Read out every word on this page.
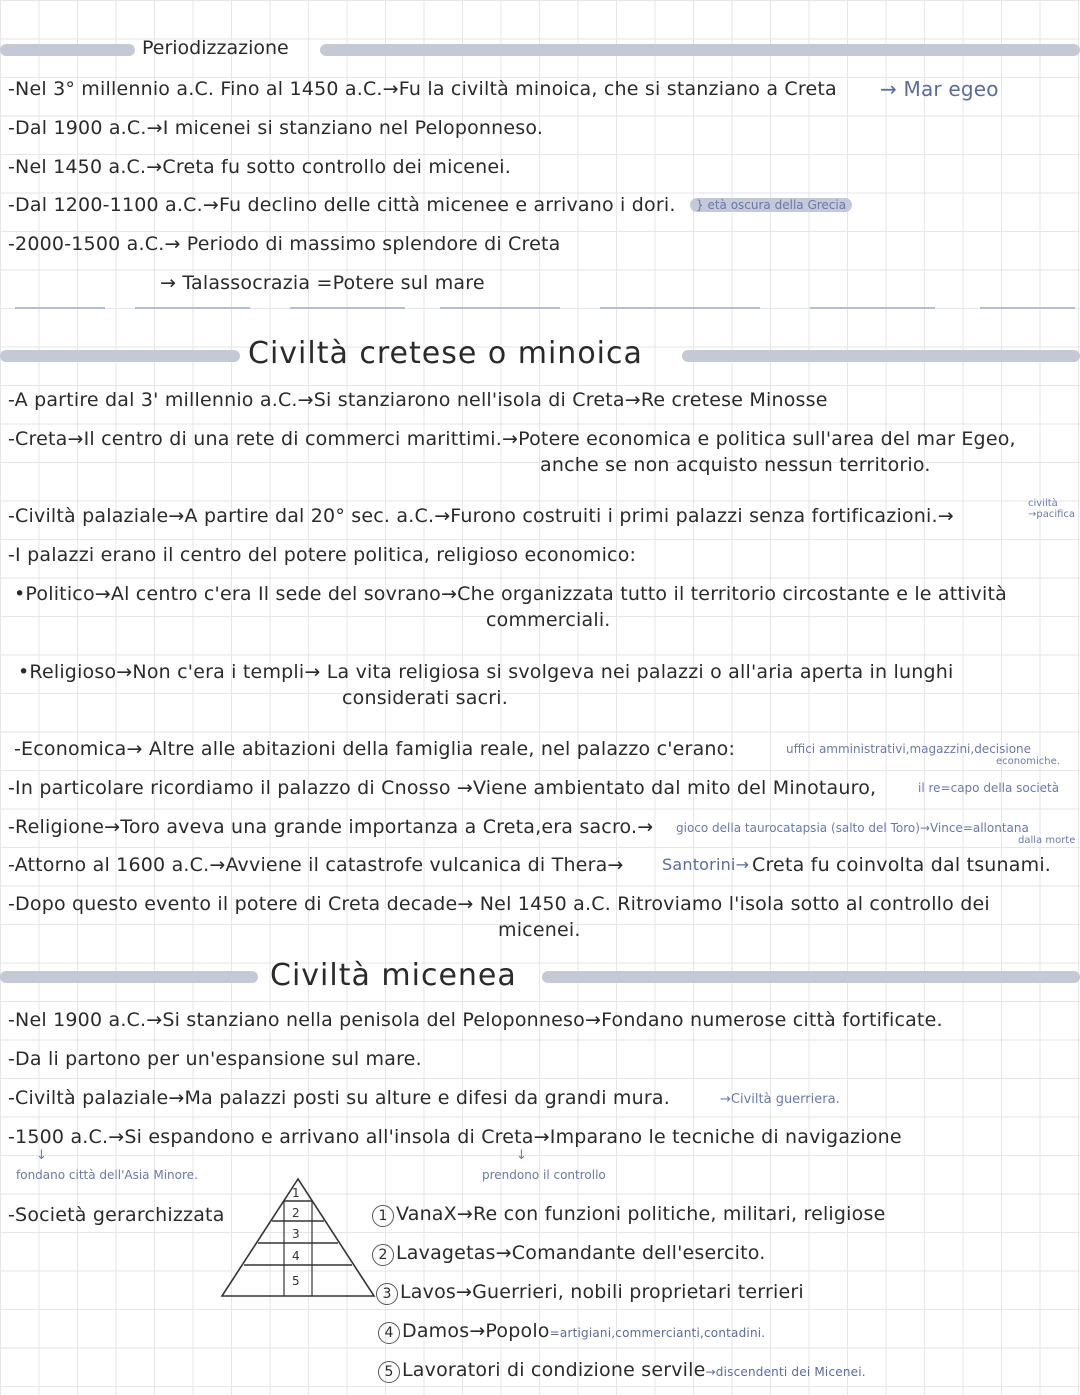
Periodizzazione
-Nel 3° millennio a.C. Fino al 1450 a.C.→Fu la civiltà minoica, che si stanziano a Creta → Mar egeo
-Dal 1900 a.C.→I micenei si stanziano nel Peloponneso.
-Nel 1450 a.C.→Creta fu sotto controllo dei micenei.
-Dal 1200-1100 a.C.→Fu declino delle città micenee e arrivano i dori.	} età oscura della Grecia
-2000-1500 a.C.→ Periodo di massimo splendore di Creta
→ Talassocrazia =Potere sul mare
Civiltà cretese o minoica
-A partire dal 3' millennio a.C.→Si stanziarono nell'isola di Creta→Re cretese Minosse
-Creta→Il centro di una rete di commerci marittimi.→Potere economica e politica sull'area del mar Egeo,
anche se non acquisto nessun territorio.
-Civiltà palaziale→A partire dal 20° sec. a.C.→Furono costruiti i primi palazzi senza fortificazioni.→
civiltà →pacifica
-I palazzi erano il centro del potere politica, religioso economico:
•Politico→Al centro c'era Il sede del sovrano→Che organizzata tutto il territorio circostante e le attività
commerciali.
•Religioso→Non c'era i templi→ La vita religiosa si svolgeva nei palazzi o all'aria aperta in lunghi
considerati sacri.
-Economica→ Altre alle abitazioni della famiglia reale, nel palazzo c'erano:	uffici amministrativi,magazzini,decisione
economiche.
-In particolare ricordiamo il palazzo di Cnosso →Viene ambientato dal mito del Minotauro,	il re=capo della società
-Religione→Toro aveva una grande importanza a Creta,era sacro.→ gioco della taurocatapsia (salto del Toro)→Vince=allontana
dalla morte
-Attorno al 1600 a.C.→Avviene il catastrofe vulcanica di Thera→ Santorini→ Creta fu coinvolta dal tsunami.
-Dopo questo evento il potere di Creta decade→ Nel 1450 a.C. Ritroviamo l'isola sotto al controllo dei
micenei.
Civiltà micenea
-Nel 1900 a.C.→Si stanziano nella penisola del Peloponneso→Fondano numerose città fortificate.
-Da li partono per un'espansione sul mare.
-Civiltà palaziale→Ma palazzi posti su alture e difesi da grandi mura.	→Civiltà guerriera.
-1500 a.C.→Si espandono e arrivano all'insola di Creta→Imparano le tecniche di navigazione
↓
fondano città dell'Asia Minore.
↓
prendono il controllo
-Società gerarchizzata
1
2
3
4
5
1 VanaX→Re con funzioni politiche, militari, religiose
2 Lavagetas→Comandante dell'esercito.
3 Lavos→Guerrieri, nobili proprietari terrieri
4 Damos→Popolo=artigiani,commercianti,contadini.
5 Lavoratori di condizione servile→discendenti dei Micenei.
